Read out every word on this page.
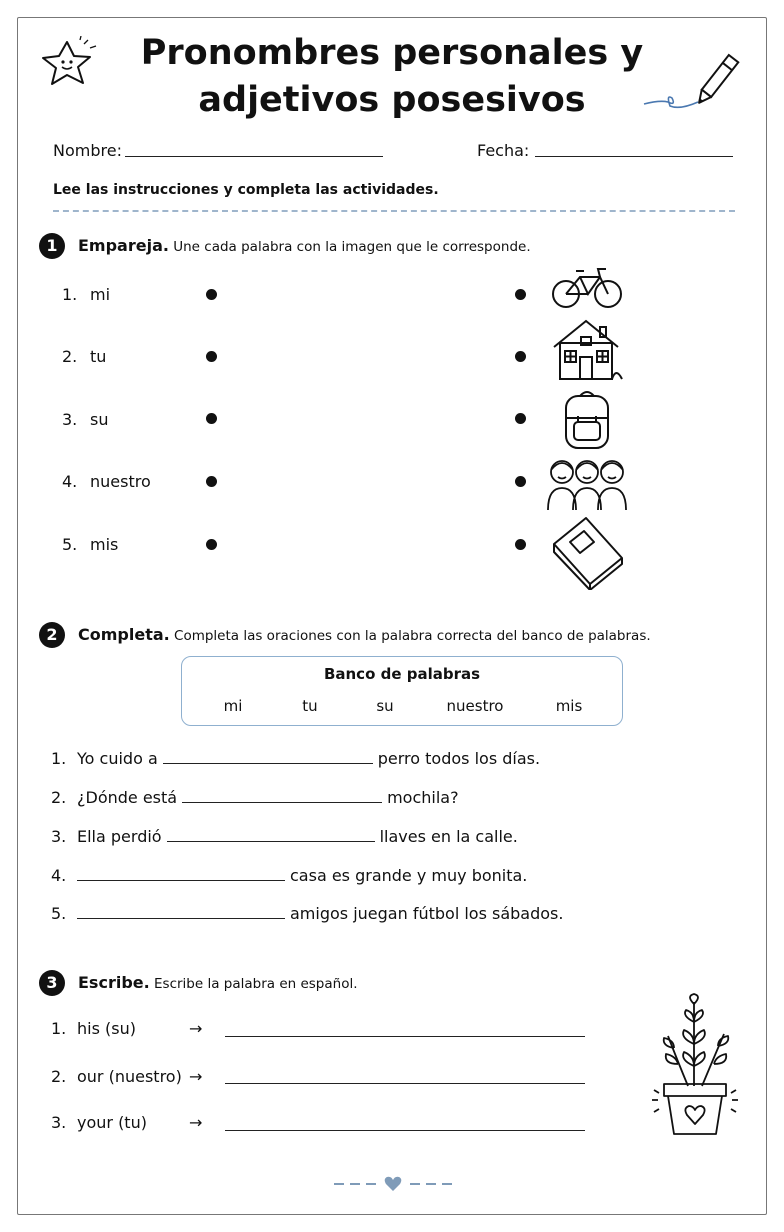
Pronombres personales y
adjetivos posesivos
Nombre:	Fecha:
Lee las instrucciones y completa las actividades.
1	Empareja. Une cada palabra con la imagen que le corresponde.
1. mi
2. tu
3. su
4. nuestro
5. mis
2	Completa. Completa las oraciones con la palabra correcta del banco de palabras.
Banco de palabras
mi	tu	su	nuestro	mis
1. Yo cuido a	perro todos los días.
2. ¿Dónde está	mochila?
3. Ella perdió	llaves en la calle.
4.	casa es grande y muy bonita.
5.	amigos juegan fútbol los sábados.
3	Escribe. Escribe la palabra en español.
1. his (su)	→
2. our (nuestro) →
3. your (tu)	→
